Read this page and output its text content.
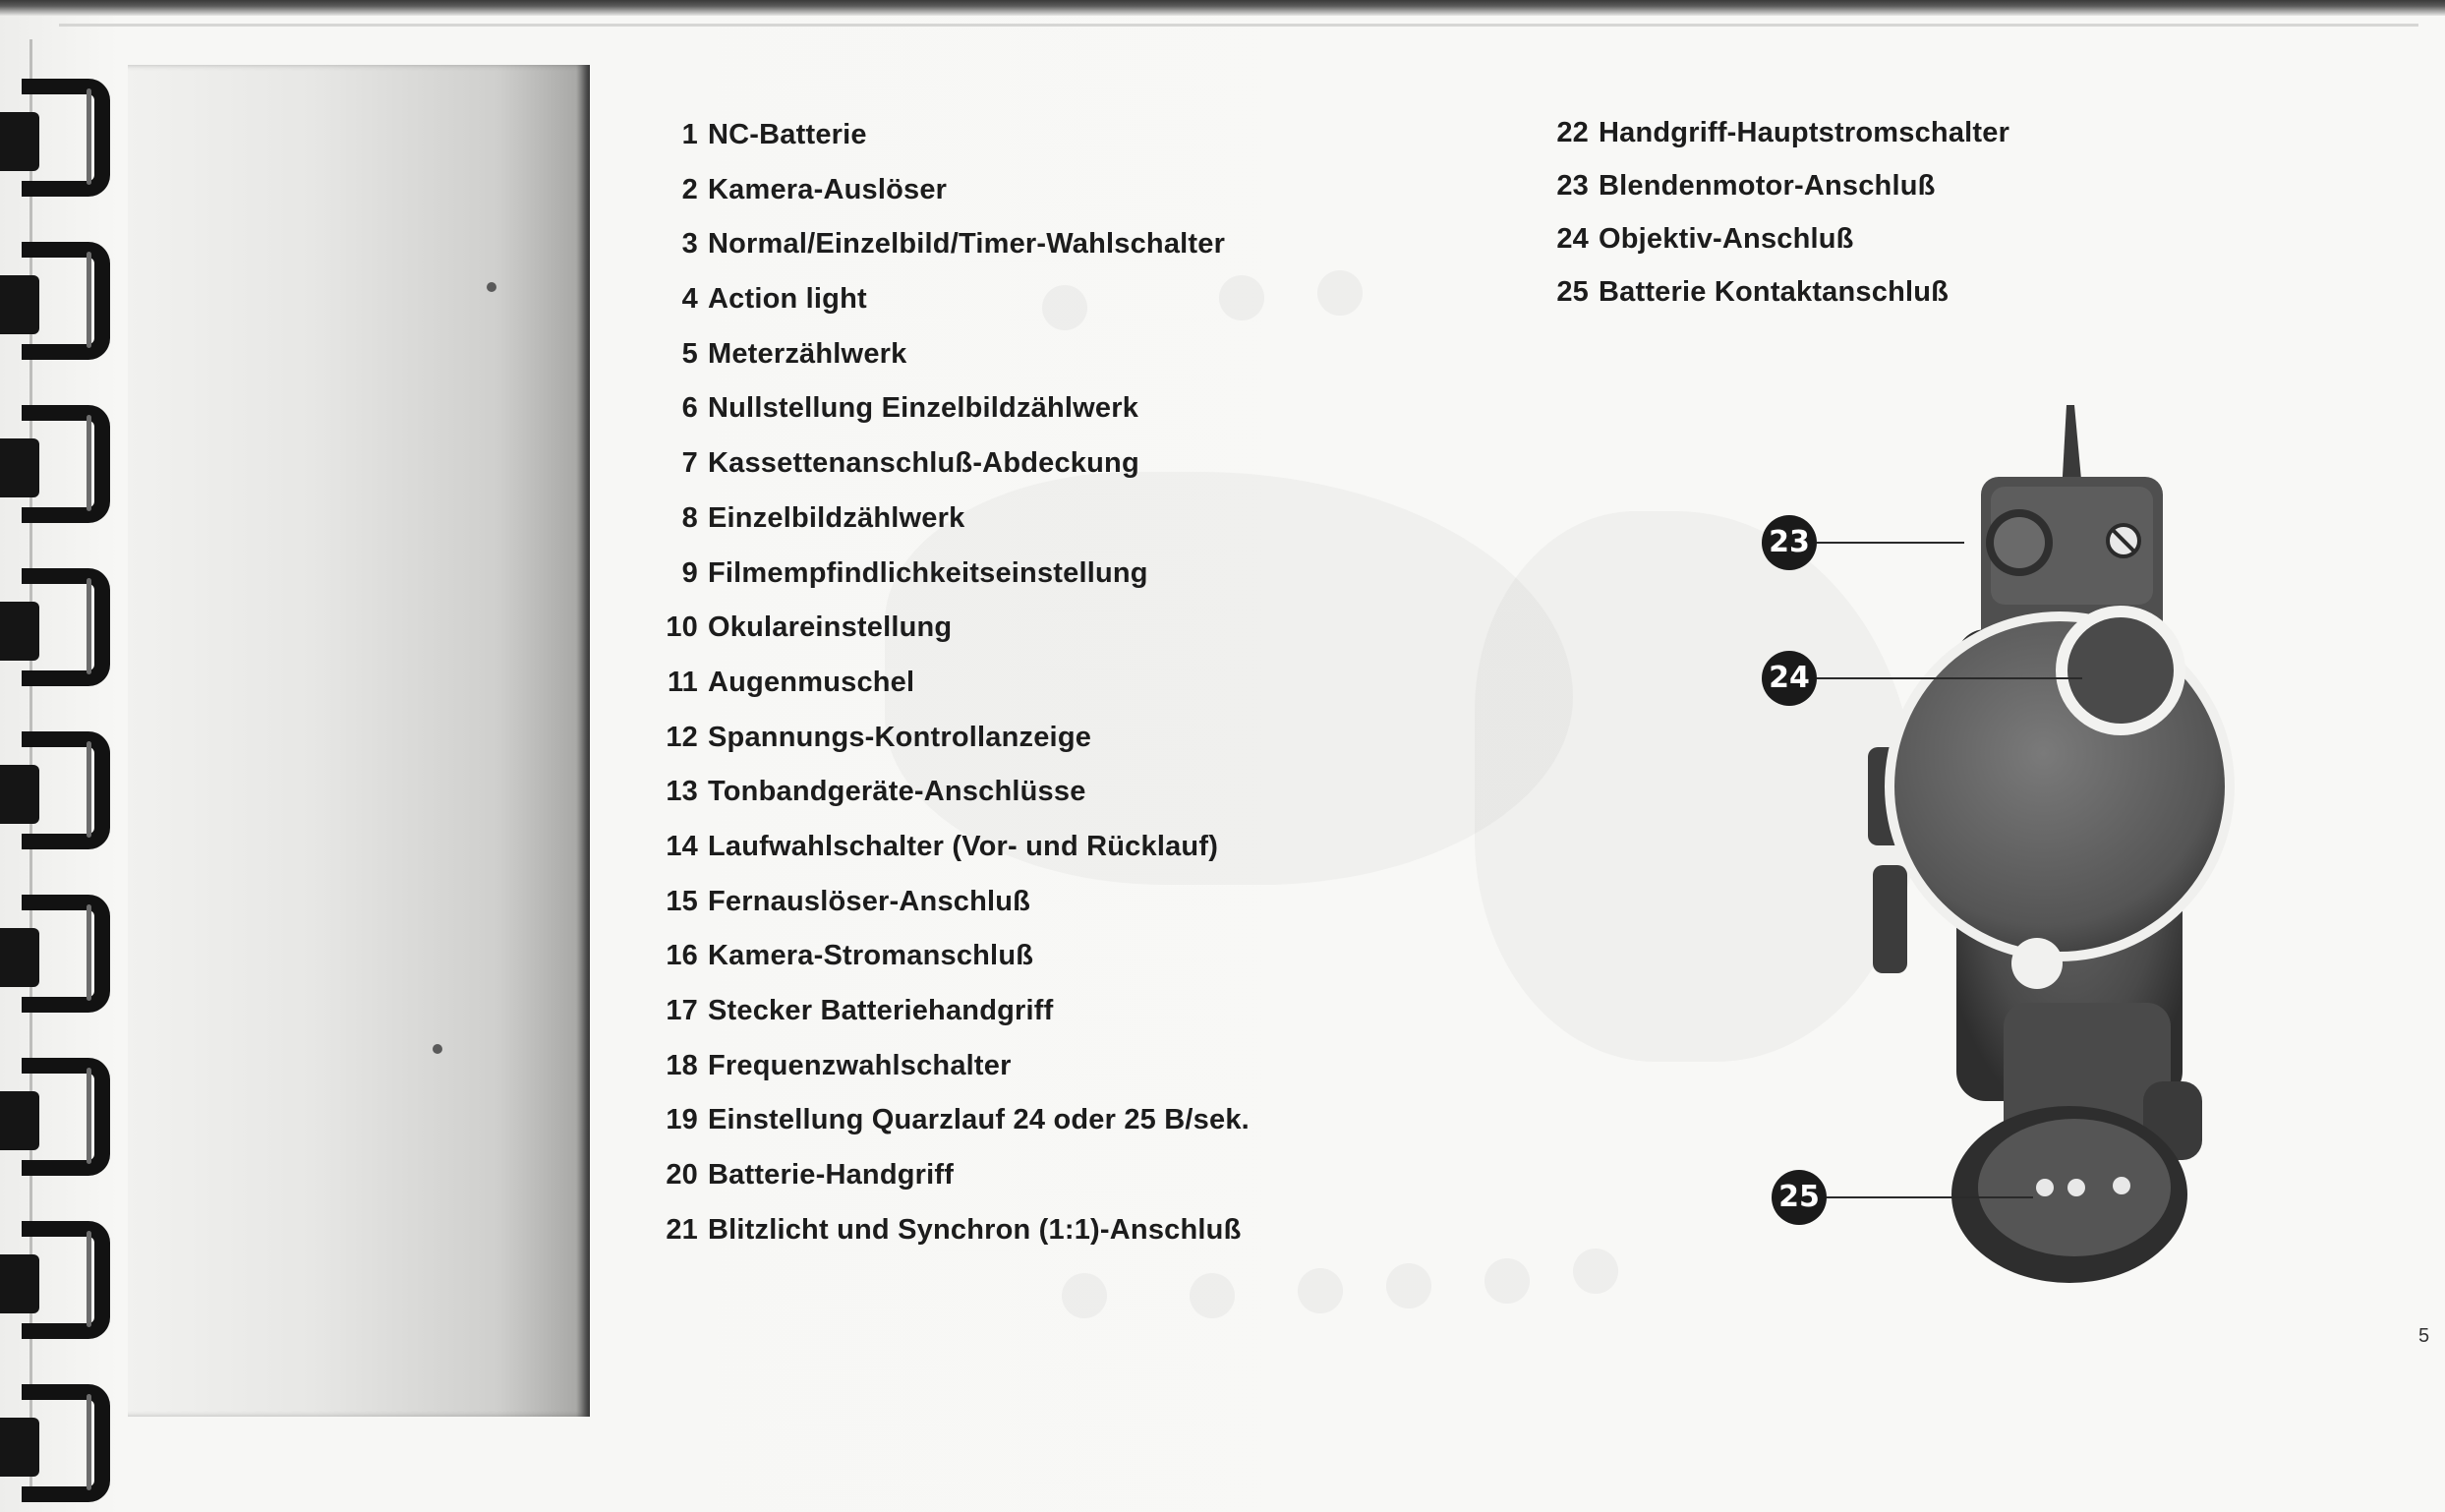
1 NC-Batterie
2 Kamera-Auslöser
3 Normal/Einzelbild/Timer-Wahlschalter
4 Action light
5 Meterzählwerk
6 Nullstellung Einzelbildzählwerk
7 Kassettenanschluß-Abdeckung
8 Einzelbildzählwerk
9 Filmempfindlichkeitseinstellung
10 Okulareinstellung
11 Augenmuschel
12 Spannungs-Kontrollanzeige
13 Tonbandgeräte-Anschlüsse
14 Laufwahlschalter (Vor- und Rücklauf)
15 Fernauslöser-Anschluß
16 Kamera-Stromanschluß
17 Stecker Batteriehandgriff
18 Frequenzwahlschalter
19 Einstellung Quarzlauf 24 oder 25 B/sek.
20 Batterie-Handgriff
21 Blitzlicht und Synchron (1:1)-Anschluß
22 Handgriff-Hauptstromschalter
23 Blendenmotor-Anschluß
24 Objektiv-Anschluß
25 Batterie Kontaktanschluß
23
24
25
5
